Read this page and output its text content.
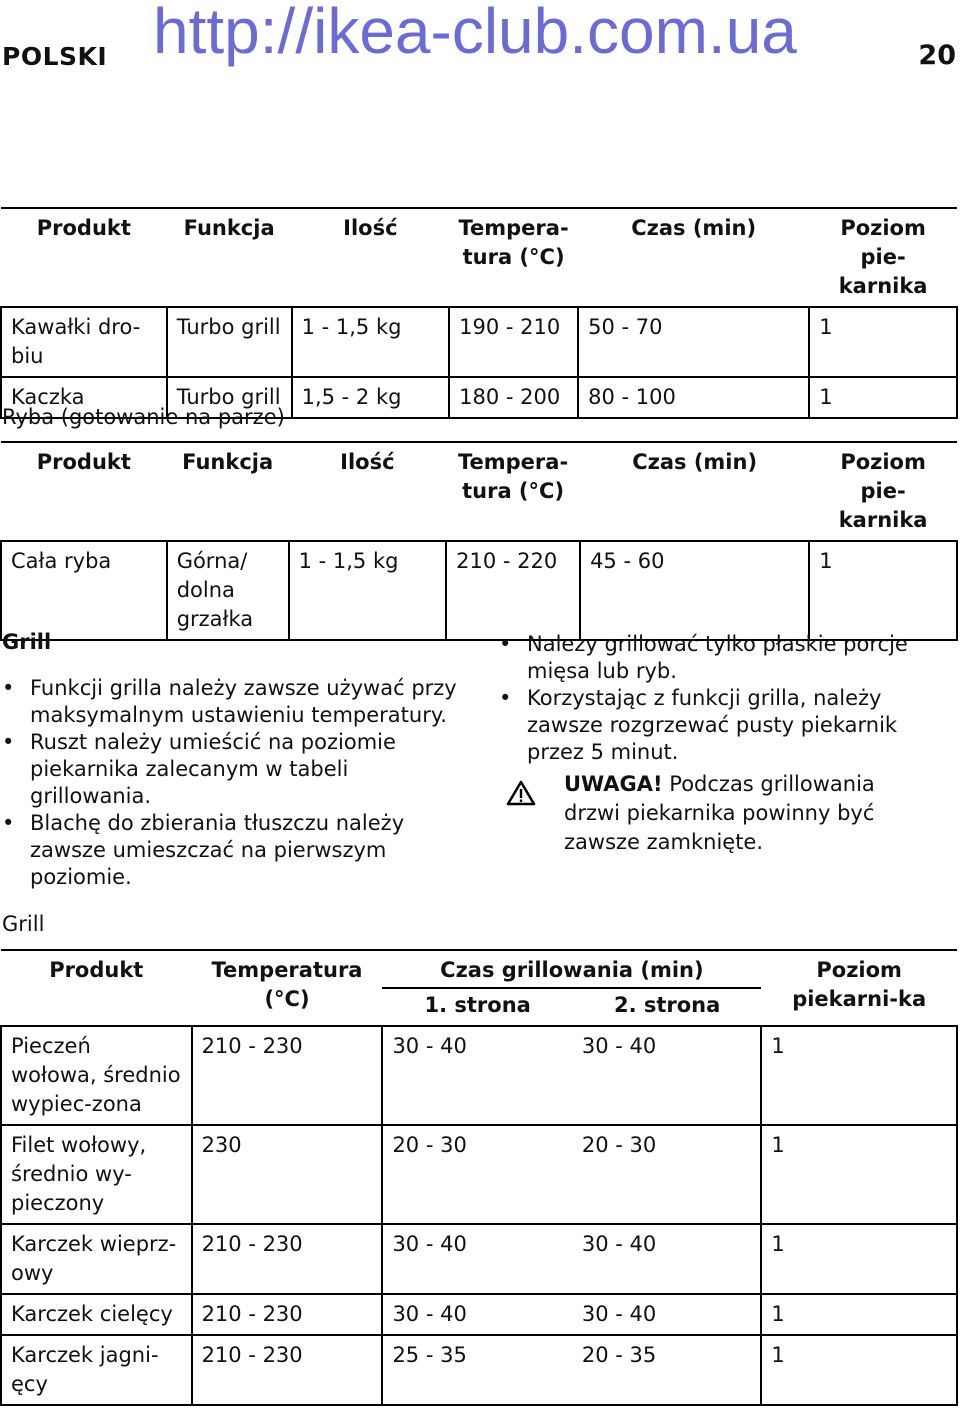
POLSKI http://ikea-club.com.ua	20
Produkt	Funkcja	Ilość	Tempera-tura (°C)	Czas (min)	Poziom pie-karnika
Kawałki dro-biu	Turbo grill	1 - 1,5 kg	190 - 210	50 - 70	1
Kaczka	Turbo grill	1,5 - 2 kg	180 - 200	80 - 100	1
Ryba (gotowanie na parze)
Produkt	Funkcja	Ilość	Tempera-tura (°C)	Czas (min)	Poziom pie-karnika
Cała ryba	Górna/ dolna grzałka	1 - 1,5 kg	210 - 220	45 - 60	1
Grill
• Funkcji grilla należy zawsze używać przy maksymalnym ustawieniu temperatury.
• Ruszt należy umieścić na poziomie piekarnika zalecanym w tabeli grillowania.
• Blachę do zbierania tłuszczu należy zawsze umieszczać na pierwszym poziomie.
• Należy grillować tylko płaskie porcje mięsa lub ryb.
• Korzystając z funkcji grilla, należy zawsze rozgrzewać pusty piekarnik przez 5 minut.
UWAGA! Podczas grillowania drzwi piekarnika powinny być zawsze zamknięte.
Grill
Produkt	Temperatura (°C)	Czas grillowania (min)		Poziom piekarni-ka
		1. strona	2. strona	
Pieczeń wołowa, średnio wypiec-zona	210 - 230	30 - 40	30 - 40	1
Filet wołowy, średnio wy-pieczony	230	20 - 30	20 - 30	1
Karczek wieprz-owy	210 - 230	30 - 40	30 - 40	1
Karczek cielęcy	210 - 230	30 - 40	30 - 40	1
Karczek jagni-ęcy	210 - 230	25 - 35	20 - 35	1
